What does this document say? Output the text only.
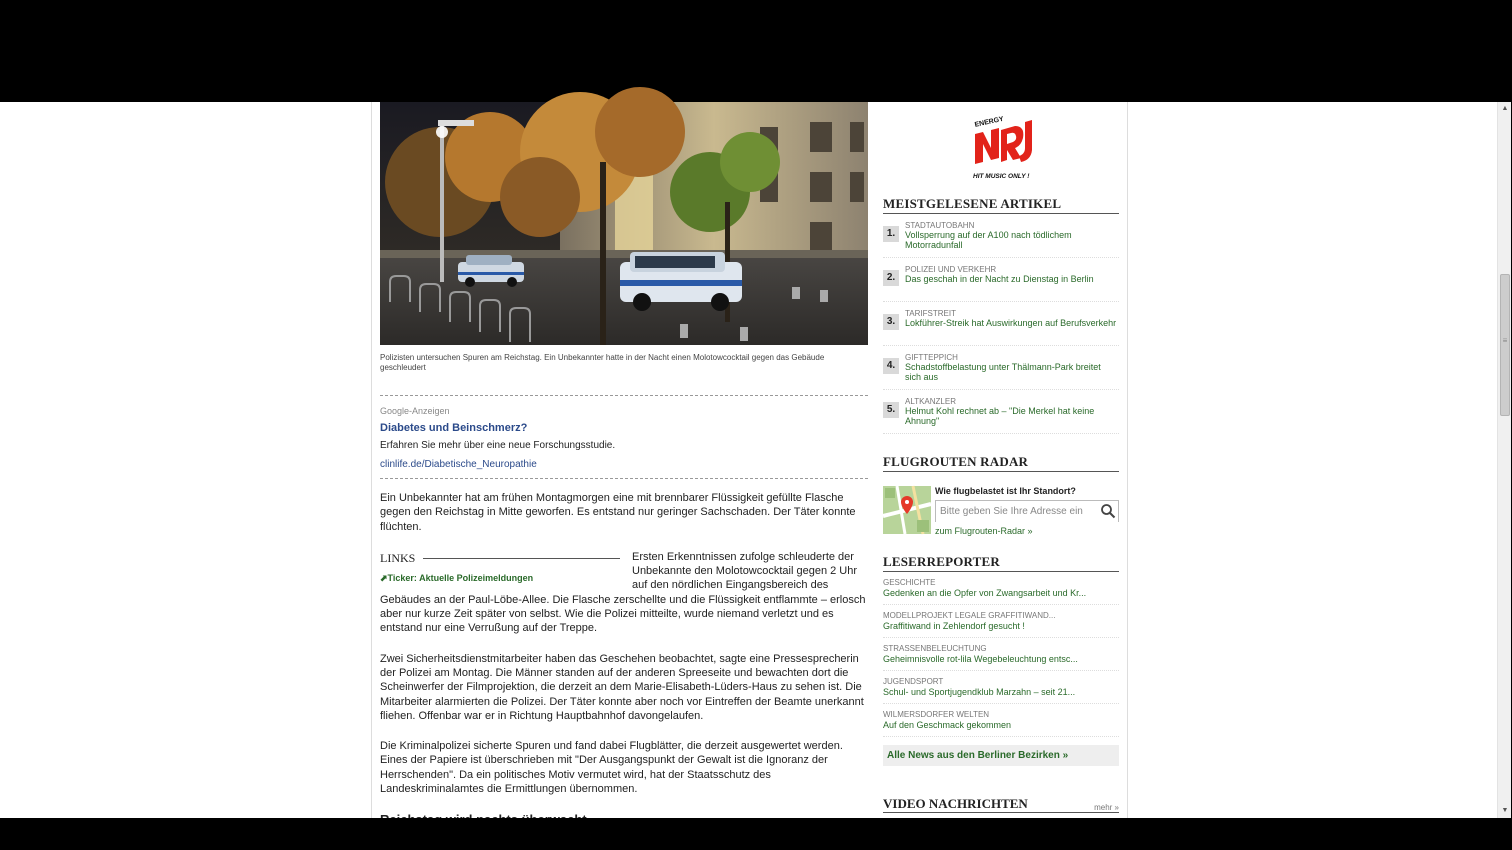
Polizisten untersuchen Spuren am Reichstag. Ein Unbekannter hatte in der Nacht einen Molotowcocktail gegen das Gebäude geschleudert
Google-Anzeigen
Diabetes und Beinschmerz?
Erfahren Sie mehr über eine neue Forschungsstudie.
clinlife.de/Diabetische_Neuropathie

Ein Unbekannter hat am frühen Montagmorgen eine mit brennbarer Flüssigkeit gefüllte Flasche gegen den Reichstag in Mitte geworfen. Es entstand nur geringer Sachschaden. Der Täter konnte flüchten.

LINKS
⬈Ticker: Aktuelle Polizeimeldungen
Ersten Erkenntnissen zufolge schleuderte der Unbekannte den Molotowcocktail gegen 2 Uhr auf den nördlichen Eingangsbereich des Gebäudes an der Paul-Löbe-Allee. Die Flasche zerschellte und die Flüssigkeit entflammte – erlosch aber nur kurze Zeit später von selbst. Wie die Polizei mitteilte, wurde niemand verletzt und es entstand nur eine Verrußung auf der Treppe.

Zwei Sicherheitsdienstmitarbeiter haben das Geschehen beobachtet, sagte eine Pressesprecherin der Polizei am Montag. Die Männer standen auf der anderen Spreeseite und bewachten dort die Scheinwerfer der Filmprojektion, die derzeit an dem Marie-Elisabeth-Lüders-Haus zu sehen ist. Die Mitarbeiter alarmierten die Polizei. Der Täter konnte aber noch vor Eintreffen der Beamte unerkannt fliehen. Offenbar war er in Richtung Hauptbahnhof davongelaufen.

Die Kriminalpolizei sicherte Spuren und fand dabei Flugblätter, die derzeit ausgewertet werden. Eines der Papiere ist überschrieben mit "Der Ausgangspunkt der Gewalt ist die Ignoranz der Herrschenden". Da ein politisches Motiv vermutet wird, hat der Staatsschutz des Landeskriminalamtes die Ermittlungen übernommen.

ENERGY
HIT MUSIC ONLY !
MEISTGELESENE ARTIKEL
1.
STADTAUTOBAHN
Vollsperrung auf der A100 nach tödlichem Motorradunfall
2.
POLIZEI UND VERKEHR
Das geschah in der Nacht zu Dienstag in Berlin
3.
TARIFSTREIT
Lokführer-Streik hat Auswirkungen auf Berufsverkehr
4.
GIFTTEPPICH
Schadstoffbelastung unter Thälmann-Park breitet sich aus
5.
ALTKANZLER
Helmut Kohl rechnet ab – "Die Merkel hat keine Ahnung"
FLUGROUTEN RADAR
Wie flugbelastet ist Ihr Standort?
Bitte geben Sie Ihre Adresse ein
zum Flugrouten-Radar »
LESERREPORTER
GESCHICHTE
Gedenken an die Opfer von Zwangsarbeit und Kr...
MODELLPROJEKT LEGALE GRAFFITIWAND...
Graffitiwand in Zehlendorf gesucht !
STRASSENBELEUCHTUNG
Geheimnisvolle rot-lila Wegebeleuchtung entsc...
JUGENDSPORT
Schul- und Sportjugendklub Marzahn – seit 21...
WILMERSDORFER WELTEN
Auf den Geschmack gekommen
Alle News aus den Berliner Bezirken »
VIDEO NACHRICHTEN	mehr »
▲
≡
▼
